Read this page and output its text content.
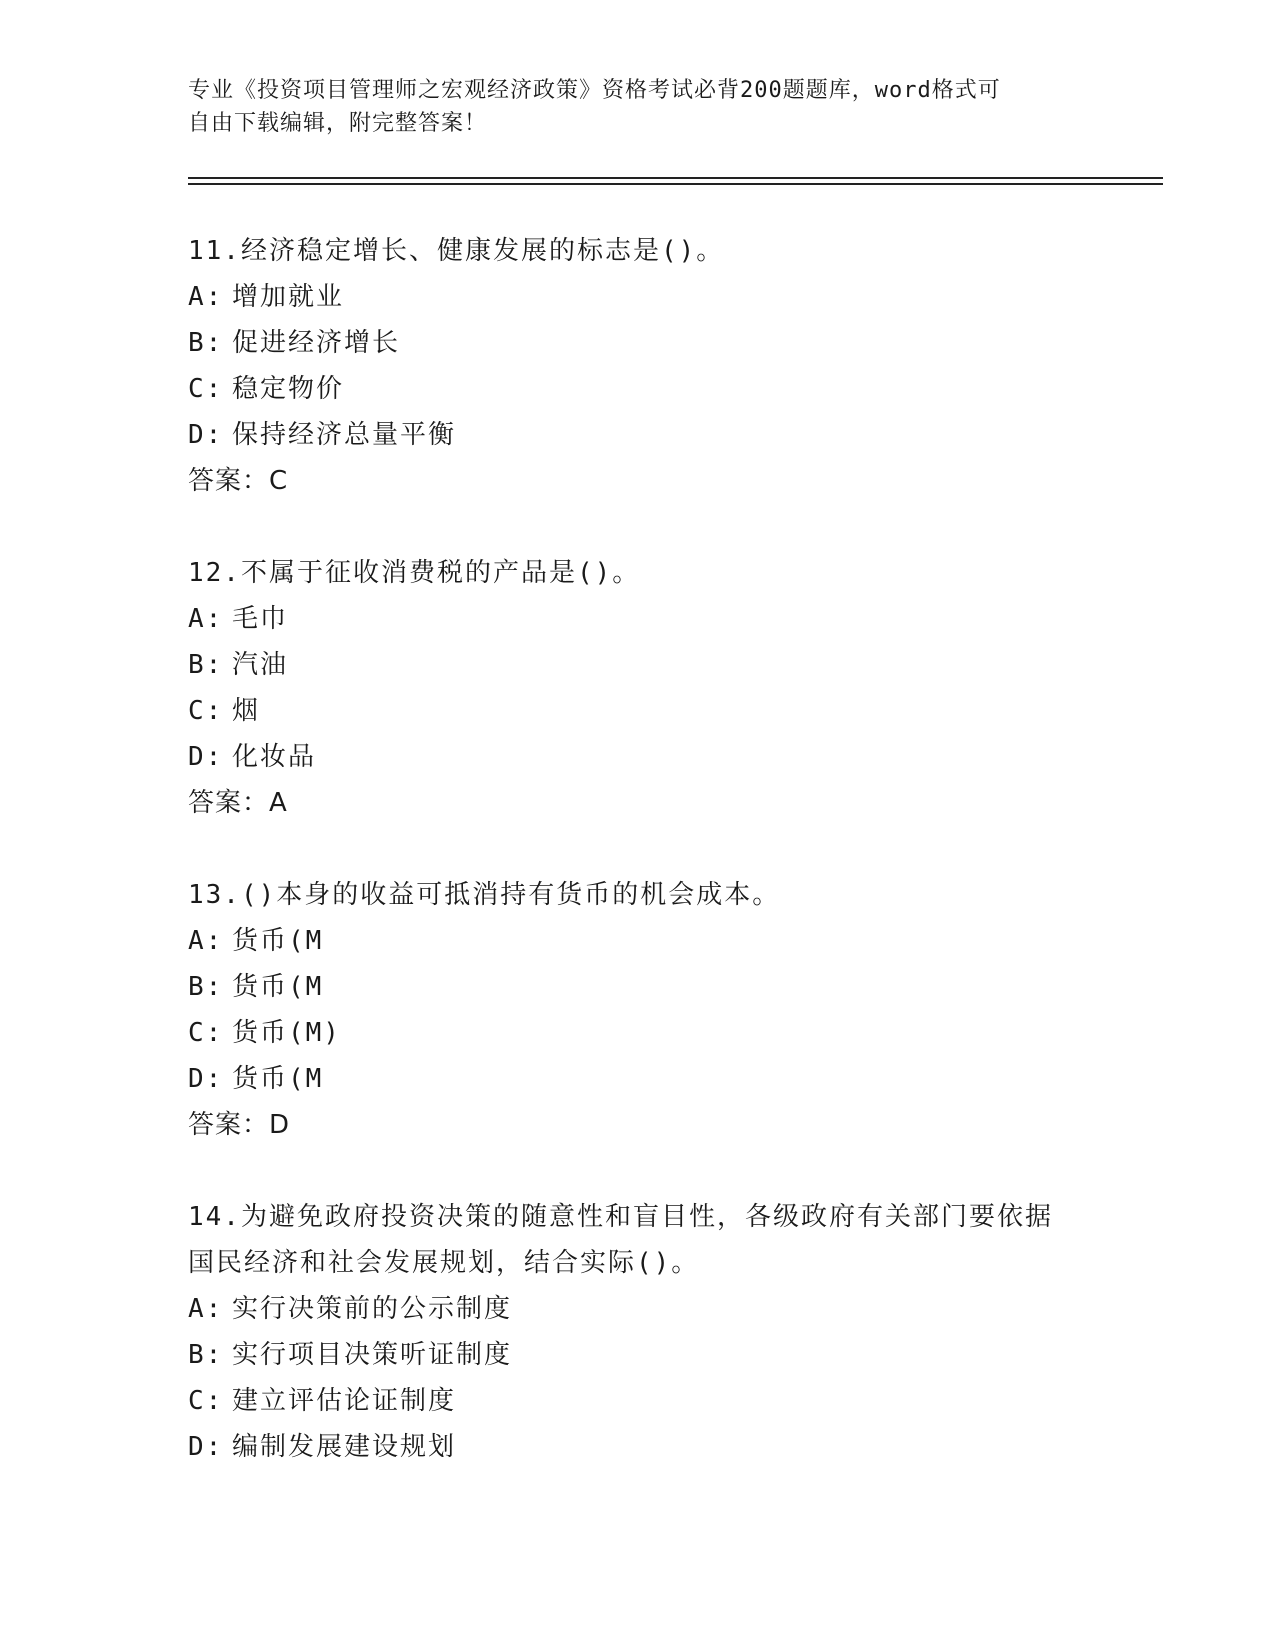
专业《投资项目管理师之宏观经济政策》资格考试必背200题题库，word格式可
自由下载编辑，附完整答案！

11.经济稳定增长、健康发展的标志是()。

A: 增加就业

B: 促进经济增长

C: 稳定物价

D: 保持经济总量平衡

答案：C

12.不属于征收消费税的产品是()。

A: 毛巾

B: 汽油

C: 烟

D: 化妆品

答案：A

13.()本身的收益可抵消持有货币的机会成本。

A: 货币(M

B: 货币(M

C: 货币(M)

D: 货币(M

答案：D

14.为避免政府投资决策的随意性和盲目性，各级政府有关部门要依据

国民经济和社会发展规划，结合实际()。

A: 实行决策前的公示制度

B: 实行项目决策听证制度

C: 建立评估论证制度

D: 编制发展建设规划
